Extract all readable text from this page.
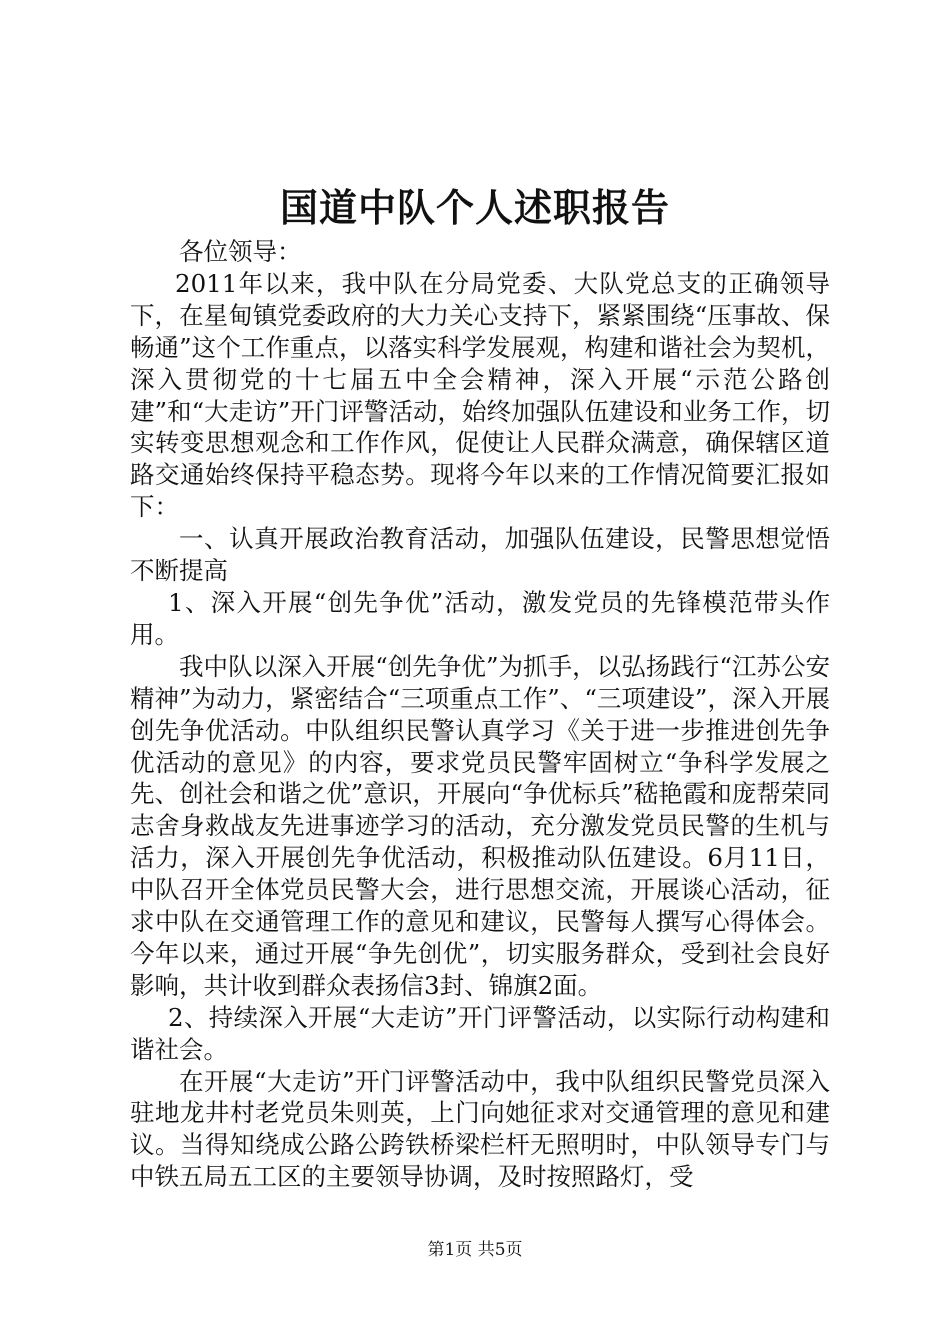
国道中队个人述职报告

各位领导：

2011年以来，我中队在分局党委、大队党总支的正确领导下，在星甸镇党委政府的大力关心支持下，紧紧围绕“压事故、保畅通”这个工作重点，以落实科学发展观，构建和谐社会为契机，深入贯彻党的十七届五中全会精神，深入开展“示范公路创建”和“大走访”开门评警活动，始终加强队伍建设和业务工作，切实转变思想观念和工作作风，促使让人民群众满意，确保辖区道路交通始终保持平稳态势。现将今年以来的工作情况简要汇报如下：

一、认真开展政治教育活动，加强队伍建设，民警思想觉悟不断提高

1、深入开展“创先争优”活动，激发党员的先锋模范带头作用。

我中队以深入开展“创先争优”为抓手，以弘扬践行“江苏公安精神”为动力，紧密结合“三项重点工作”、“三项建设”，深入开展创先争优活动。中队组织民警认真学习《关于进一步推进创先争优活动的意见》的内容，要求党员民警牢固树立“争科学发展之先、创社会和谐之优”意识，开展向“争优标兵”嵇艳霞和庞帮荣同志舍身救战友先进事迹学习的活动，充分激发党员民警的生机与活力，深入开展创先争优活动，积极推动队伍建设。6月11日，中队召开全体党员民警大会，进行思想交流，开展谈心活动，征求中队在交通管理工作的意见和建议，民警每人撰写心得体会。今年以来，通过开展“争先创优”，切实服务群众，受到社会良好影响，共计收到群众表扬信3封、锦旗2面。

2、持续深入开展“大走访”开门评警活动，以实际行动构建和谐社会。

在开展“大走访”开门评警活动中，我中队组织民警党员深入驻地龙井村老党员朱则英，上门向她征求对交通管理的意见和建议。当得知绕成公路公跨铁桥梁栏杆无照明时，中队领导专门与中铁五局五工区的主要领导协调，及时按照路灯，受

第1页 共5页
